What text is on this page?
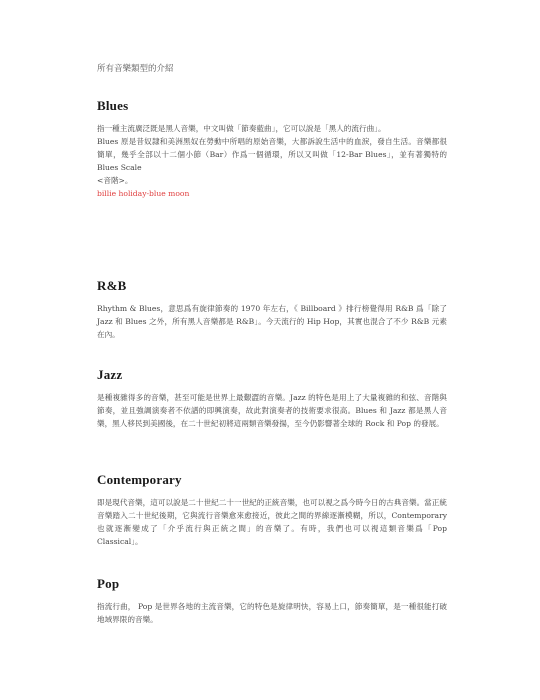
所有音樂類型的介紹
Blues

指一種主流廣泛既是黑人音樂，中文叫做「節奏藍曲」，它可以說是「黑人的流行曲」。

Blues 原是昔奴隸和美洲黑奴在勞動中所唱的原始音樂，大都訴說生活中的血淚，發自生活。音樂都很簡單，幾乎全部以十二個小節（Bar）作爲一個循環，所以又叫做「12-Bar Blues」，並有著獨特的 Blues Scale

<音階>。

billie holiday-blue moon

R&B

Rhythm & Blues，意思爲有旋律節奏的 1970 年左右，《 Billboard 》排行榜覺得用 R&B 爲「除了 Jazz 和 Blues 之外，所有黑人音樂都是 R&B」。今天流行的 Hip Hop，其實也混合了不少 R&B 元素在內。

Jazz

是種複雜得多的音樂，甚至可能是世界上最艱澀的音樂。Jazz 的特色是用上了大量複雜的和弦、音階與節奏，並且強調演奏者不依譜的即興演奏，故此對演奏者的技術要求很高。Blues 和 Jazz 都是黑人音樂，黑人移民到美國後，在二十世紀初將這兩類音樂發揚，至今仍影響著全球的 Rock 和 Pop 的發展。

Contemporary

即是現代音樂，這可以說是二十世紀二十一世紀的正統音樂，也可以視之爲今時今日的古典音樂。當正統音樂踏入二十世紀後期，它與流行音樂愈來愈接近，彼此之間的界線逐漸模糊，所以，Contemporary 也就逐漸變成了「介乎流行與正統之間」的音樂了。有時，我們也可以視這類音樂爲「Pop Classical」。

Pop

指流行曲， Pop 是世界各地的主流音樂，它的特色是旋律明快，容易上口，節奏簡單，是一種很能打破地域界限的音樂。
